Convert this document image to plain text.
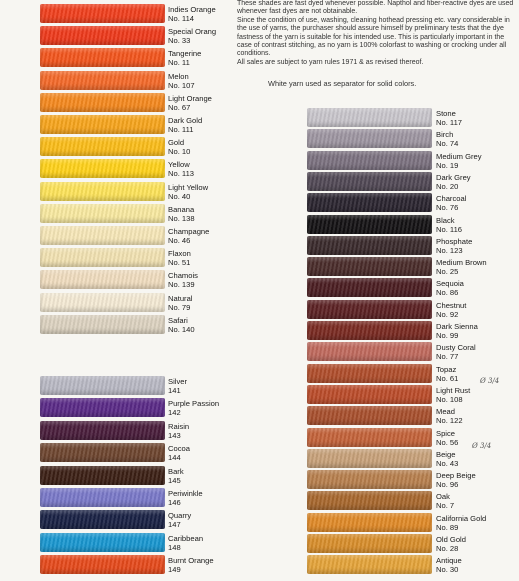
These shades are fast dyed whenever possible. Napthol and fiber-reactive dyes are used whenever fast dyes are not obtainable.

Since the condition of use, washing, cleaning hothead pressing etc. vary considerable in the use of yarns, the purchaser should assure himself by preliminary tests that the dye fastness of the yarn is suitable for his intended use. This is particularly important in the case of contrast stitching, as no yarn is 100% colorfast to washing or crocking under all conditions.

All sales are subject to yarn rules 1971 & as revised thereof.

White yarn used as separator for solid colors.
Indies Orange
No. 114
Special Orang
No. 33
Tangerine
No. 11
Melon
No. 107
Light Orange
No. 67
Dark Gold
No. 111
Gold
No. 10
Yellow
No. 113
Light Yellow
No. 40
Banana
No. 138
Champagne
No. 46
Flaxon
No. 51
Chamois
No. 139
Natural
No. 79
Safari
No. 140
Silver
141
Purple Passion
142
Raisin
143
Cocoa
144
Bark
145
Periwinkle
146
Quarry
147
Caribbean
148
Burnt Orange
149
Stone
No. 117
Birch
No. 74
Medium Grey
No. 19
Dark Grey
No. 20
Charcoal
No. 76
Black
No. 116
Phosphate
No. 123
Medium Brown
No. 25
Sequoia
No. 86
Chestnut
No. 92
Dark Sienna
No. 99
Dusty Coral
No. 77
Topaz
No. 61
Light Rust
No. 108
Mead
No. 122
Spice
No. 56
Beige
No. 43
Deep Beige
No. 96
Oak
No. 7
California Gold
No. 89
Old Gold
No. 28
Antique
No. 30
Ø 3/4
Ø 3/4
